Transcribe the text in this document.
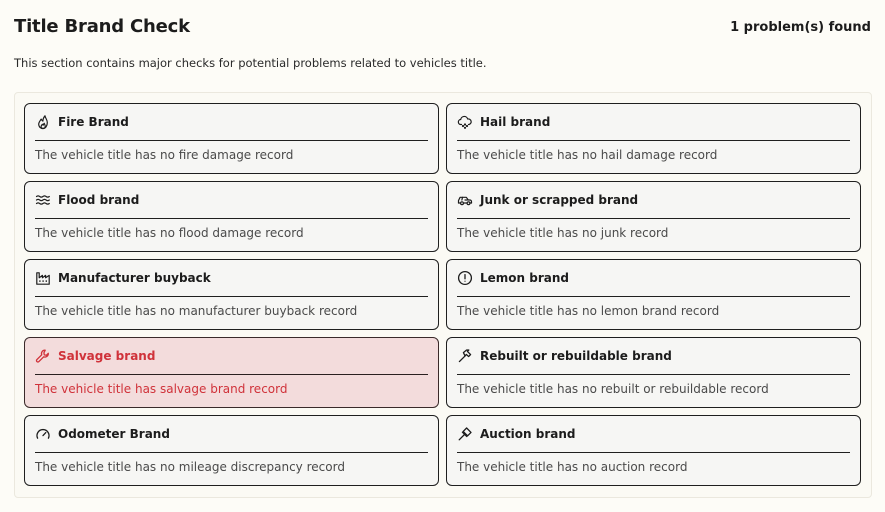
Title Brand Check	1 problem(s) found
This section contains major checks for potential problems related to vehicles title.
Fire Brand
The vehicle title has no fire damage record
Hail brand
The vehicle title has no hail damage record
Flood brand
The vehicle title has no flood damage record
Junk or scrapped brand
The vehicle title has no junk record
Manufacturer buyback
The vehicle title has no manufacturer buyback record
Lemon brand
The vehicle title has no lemon brand record
Salvage brand
The vehicle title has salvage brand record
Rebuilt or rebuildable brand
The vehicle title has no rebuilt or rebuildable record
Odometer Brand
The vehicle title has no mileage discrepancy record
Auction brand
The vehicle title has no auction record
